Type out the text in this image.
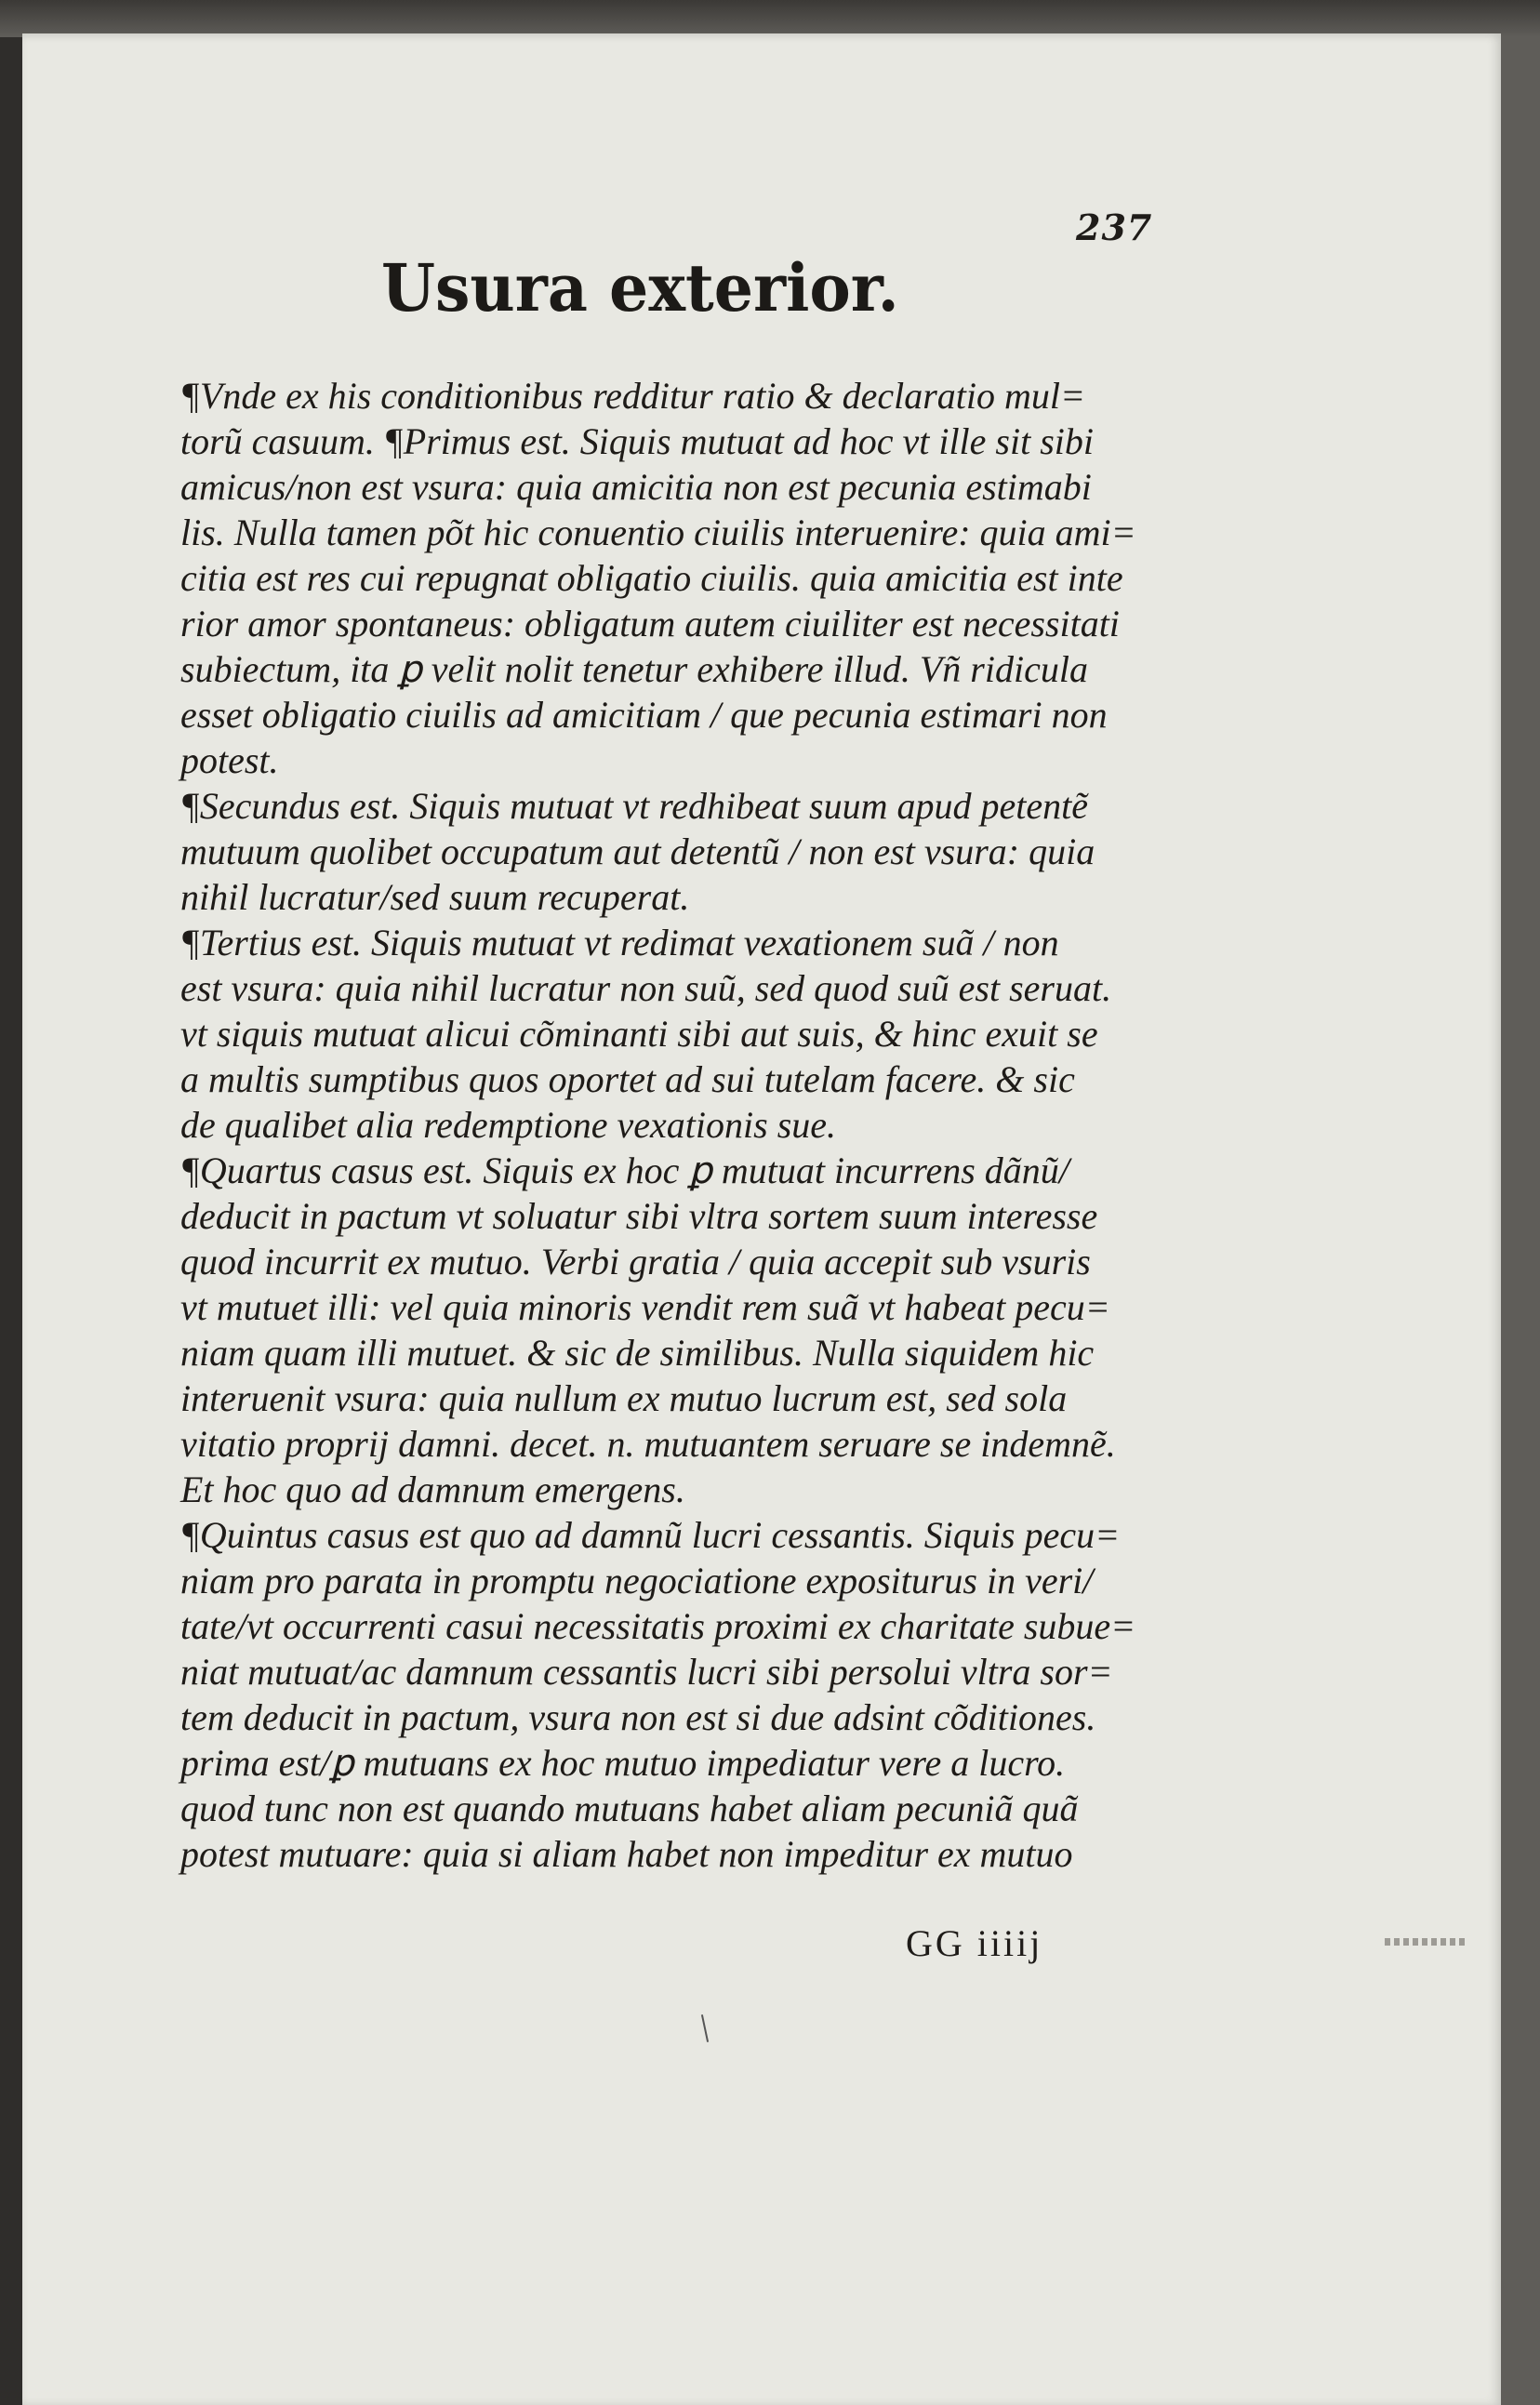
237
Usura exterior.
¶Vnde ex his conditionibus redditur ratio & declaratio mul=
torũ casuum. ¶Primus est. Siquis mutuat ad hoc vt ille sit sibi
amicus/non est vsura: quia amicitia non est pecunia estimabi
lis. Nulla tamen põt hic conuentio ciuilis interuenire: quia ami=
citia est res cui repugnat obligatio ciuilis. quia amicitia est inte
rior amor spontaneus: obligatum autem ciuiliter est necessitati
subiectum, ita ꝑ velit nolit tenetur exhibere illud. Vñ ridicula
esset obligatio ciuilis ad amicitiam / que pecunia estimari non
potest.
¶Secundus est. Siquis mutuat vt redhibeat suum apud petentẽ
mutuum quolibet occupatum aut detentũ / non est vsura: quia
nihil lucratur/sed suum recuperat.
¶Tertius est. Siquis mutuat vt redimat vexationem suã / non
est vsura: quia nihil lucratur non suũ, sed quod suũ est seruat.
vt siquis mutuat alicui cõminanti sibi aut suis, & hinc exuit se
a multis sumptibus quos oportet ad sui tutelam facere. & sic
de qualibet alia redemptione vexationis sue.
¶Quartus casus est. Siquis ex hoc ꝑ mutuat incurrens dãnũ/
deducit in pactum vt soluatur sibi vltra sortem suum interesse
quod incurrit ex mutuo. Verbi gratia / quia accepit sub vsuris
vt mutuet illi: vel quia minoris vendit rem suã vt habeat pecu=
niam quam illi mutuet. & sic de similibus. Nulla siquidem hic
interuenit vsura: quia nullum ex mutuo lucrum est, sed sola
vitatio proprij damni. decet. n. mutuantem seruare se indemnẽ.
Et hoc quo ad damnum emergens.
¶Quintus casus est quo ad damnũ lucri cessantis. Siquis pecu=
niam pro parata in promptu negociatione expositurus in veri/
tate/vt occurrenti casui necessitatis proximi ex charitate subue=
niat mutuat/ac damnum cessantis lucri sibi persolui vltra sor=
tem deducit in pactum, vsura non est si due adsint cõditiones.
prima est/ꝑ mutuans ex hoc mutuo impediatur vere a lucro.
quod tunc non est quando mutuans habet aliam pecuniã quã
potest mutuare: quia si aliam habet non impeditur ex mutuo
GG iiiij
